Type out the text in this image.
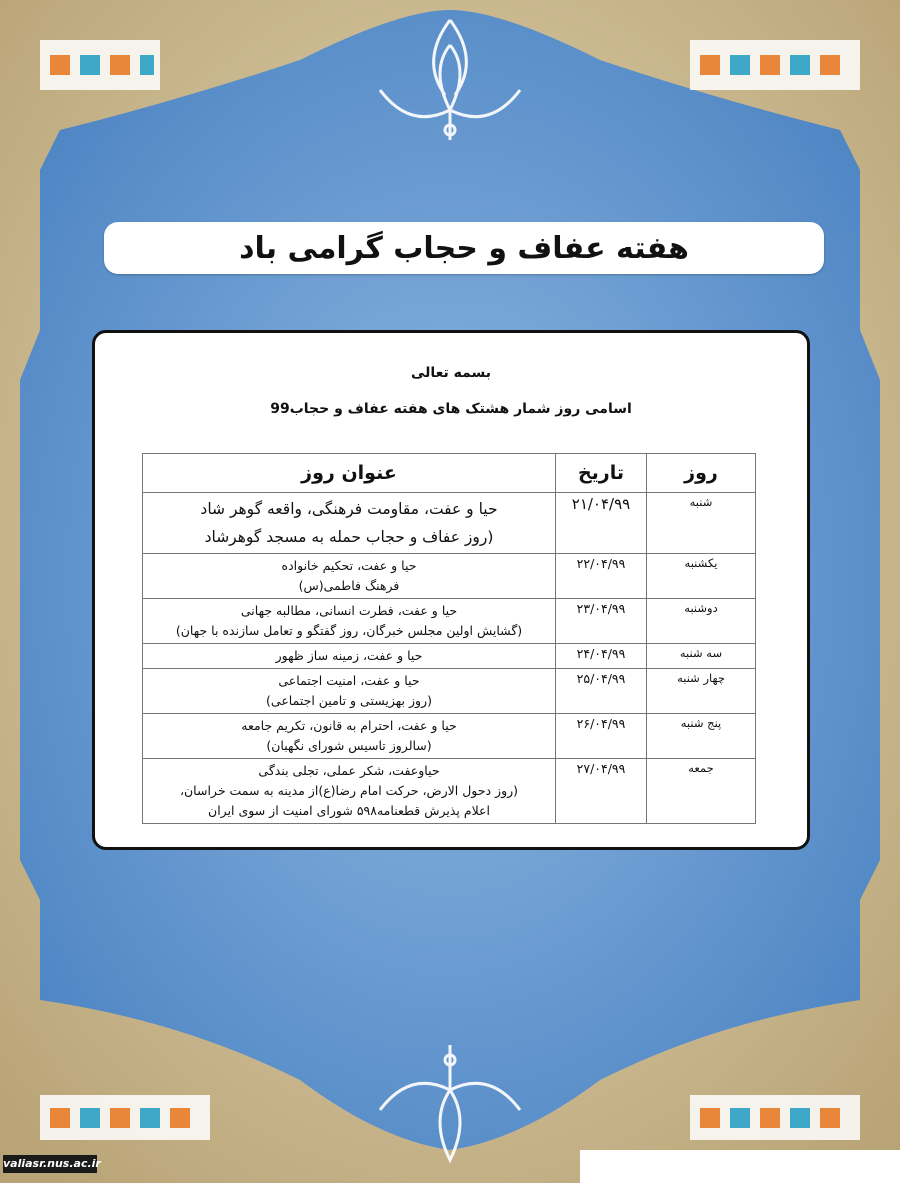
هفته عفاف و حجاب گرامی باد
بسمه تعالی
اسامی روز شمار هشتک های هفته عفاف و حجاب99
روز	تاریخ	عنوان روز
شنبه	۲۱/۰۴/۹۹	حیا و عفت، مقاومت فرهنگی، واقعه گوهر شاد
(روز عفاف و حجاب حمله به مسجد گوهرشاد

یکشنبه	۲۲/۰۴/۹۹	حیا و عفت، تحکیم خانواده
فرهنگ فاطمی(س)

دوشنبه	۲۳/۰۴/۹۹	حیا و عفت، فطرت انسانی، مطالبه جهانی
(گشایش اولین مجلس خبرگان، روز گفتگو و تعامل سازنده با جهان)

سه شنبه	۲۴/۰۴/۹۹	حیا و عفت، زمینه ساز ظهور

چهار شنبه	۲۵/۰۴/۹۹	حیا و عفت، امنیت اجتماعی
(روز بهزیستی و تامین اجتماعی)

پنج شنبه	۲۶/۰۴/۹۹	حیا و عفت، احترام به قانون، تکریم جامعه
(سالروز تاسیس شورای نگهبان)

جمعه	۲۷/۰۴/۹۹	حیاوعفت، شکر عملی، تجلی بندگی
(روز دحول الارض، حرکت امام رضا(ع)از مدینه به سمت خراسان،
اعلام پذیرش قطعنامه۵۹۸ شورای امنیت از سوی ایران
valiasr.nus.ac.ir
